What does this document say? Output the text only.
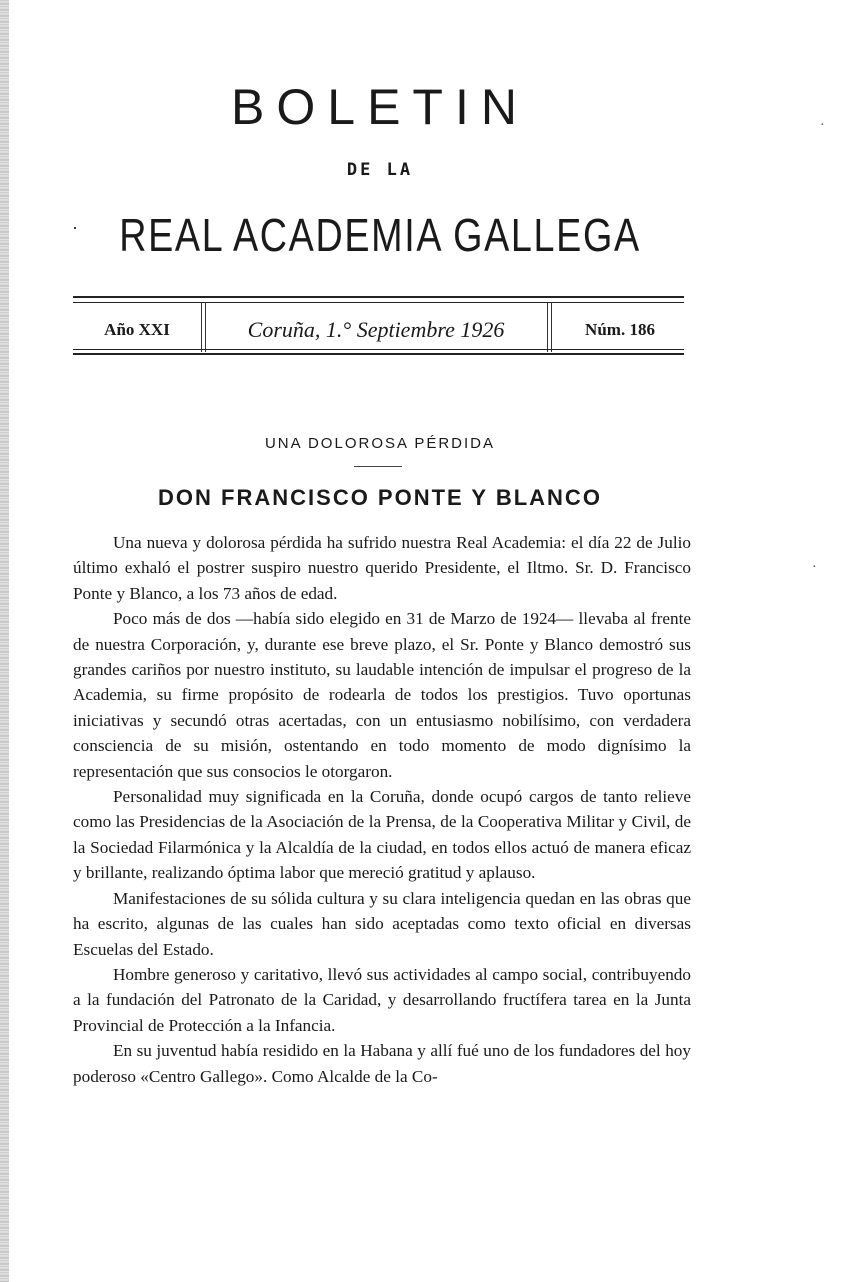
BOLETIN
DE LA
· REAL ACADEMIA GALLEGA
Año XXI	Coruña, 1.° Septiembre 1926	Núm. 186
UNA DOLOROSA PÉRDIDA
DON FRANCISCO PONTE Y BLANCO

Una nueva y dolorosa pérdida ha sufrido nuestra Real Academia: el día 22 de Julio último exhaló el postrer suspiro nuestro querido Presidente, el Iltmo. Sr. D. Francisco Ponte y Blanco, a los 73 años de edad.

Poco más de dos —había sido elegido en 31 de Marzo de 1924— llevaba al frente de nuestra Corporación, y, durante ese breve plazo, el Sr. Ponte y Blanco demostró sus grandes cariños por nuestro instituto, su laudable intención de impulsar el progreso de la Academia, su firme propósito de rodearla de todos los prestigios. Tuvo oportunas iniciativas y secundó otras acertadas, con un entusiasmo nobilísimo, con verdadera consciencia de su misión, ostentando en todo momento de modo dignísimo la representación que sus consocios le otorgaron.

Personalidad muy significada en la Coruña, donde ocupó cargos de tanto relieve como las Presidencias de la Asociación de la Prensa, de la Cooperativa Militar y Civil, de la Sociedad Filarmónica y la Alcaldía de la ciudad, en todos ellos actuó de manera eficaz y brillante, realizando óptima labor que mereció gratitud y aplauso.

Manifestaciones de su sólida cultura y su clara inteligencia quedan en las obras que ha escrito, algunas de las cuales han sido aceptadas como texto oficial en diversas Escuelas del Estado.

Hombre generoso y caritativo, llevó sus actividades al campo social, contribuyendo a la fundación del Patronato de la Caridad, y desarrollando fructífera tarea en la Junta Provincial de Protección a la Infancia.

En su juventud había residido en la Habana y allí fué uno de los fundadores del hoy poderoso «Centro Gallego». Como Alcalde de la Co-

·
·
